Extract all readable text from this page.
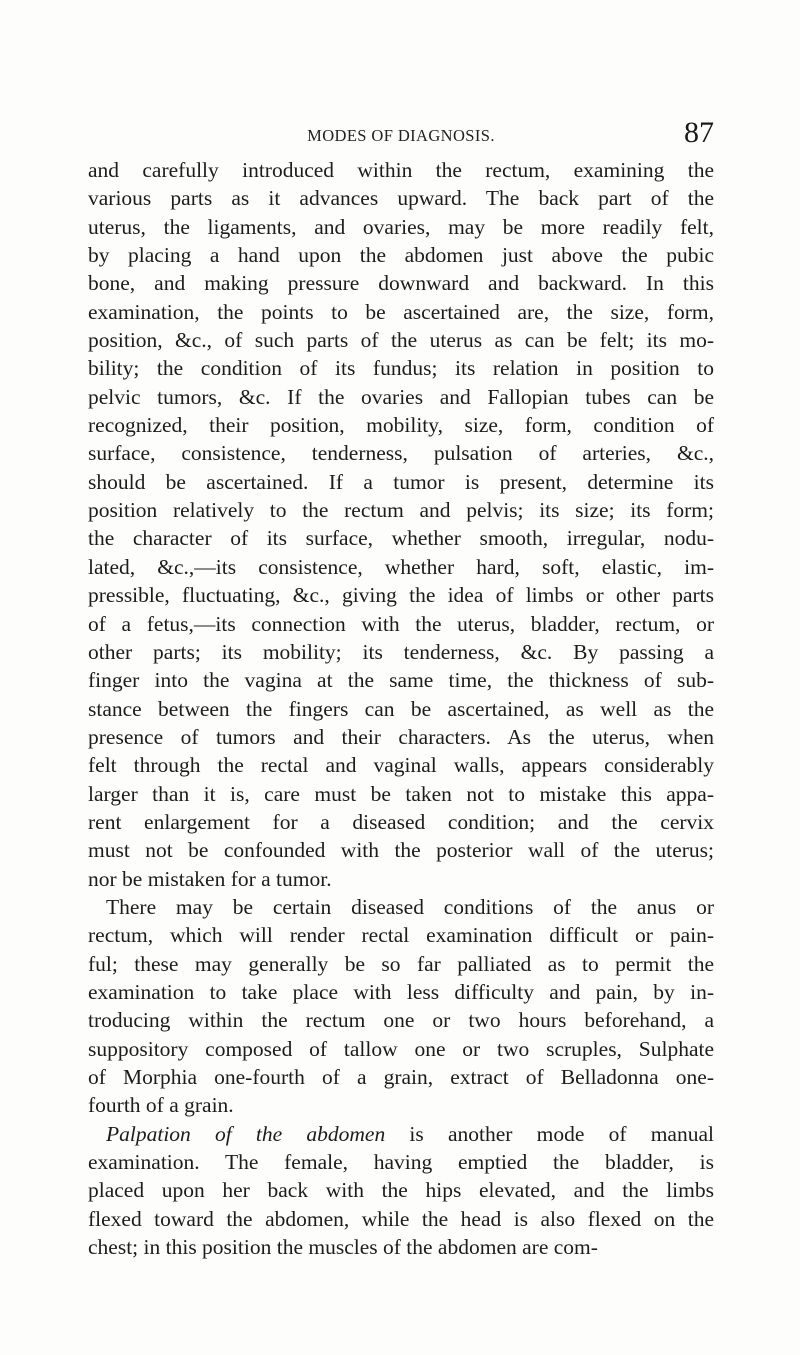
MODES OF DIAGNOSIS.	87
and carefully introduced within the rectum, examining the
various parts as it advances upward. The back part of the
uterus, the ligaments, and ovaries, may be more readily felt,
by placing a hand upon the abdomen just above the pubic
bone, and making pressure downward and backward. In this
examination, the points to be ascertained are, the size, form,
position, &c., of such parts of the uterus as can be felt; its mo-
bility; the condition of its fundus; its relation in position to
pelvic tumors, &c. If the ovaries and Fallopian tubes can be
recognized, their position, mobility, size, form, condition of
surface, consistence, tenderness, pulsation of arteries, &c.,
should be ascertained. If a tumor is present, determine its
position relatively to the rectum and pelvis; its size; its form;
the character of its surface, whether smooth, irregular, nodu-
lated, &c.,—its consistence, whether hard, soft, elastic, im-
pressible, fluctuating, &c., giving the idea of limbs or other parts
of a fetus,—its connection with the uterus, bladder, rectum, or
other parts; its mobility; its tenderness, &c. By passing a
finger into the vagina at the same time, the thickness of sub-
stance between the fingers can be ascertained, as well as the
presence of tumors and their characters. As the uterus, when
felt through the rectal and vaginal walls, appears considerably
larger than it is, care must be taken not to mistake this appa-
rent enlargement for a diseased condition; and the cervix
must not be confounded with the posterior wall of the uterus;
nor be mistaken for a tumor.
There may be certain diseased conditions of the anus or
rectum, which will render rectal examination difficult or pain-
ful; these may generally be so far palliated as to permit the
examination to take place with less difficulty and pain, by in-
troducing within the rectum one or two hours beforehand, a
suppository composed of tallow one or two scruples, Sulphate
of Morphia one-fourth of a grain, extract of Belladonna one-
fourth of a grain.
Palpation of the abdomen is another mode of manual
examination. The female, having emptied the bladder, is
placed upon her back with the hips elevated, and the limbs
flexed toward the abdomen, while the head is also flexed on the
chest; in this position the muscles of the abdomen are com-
